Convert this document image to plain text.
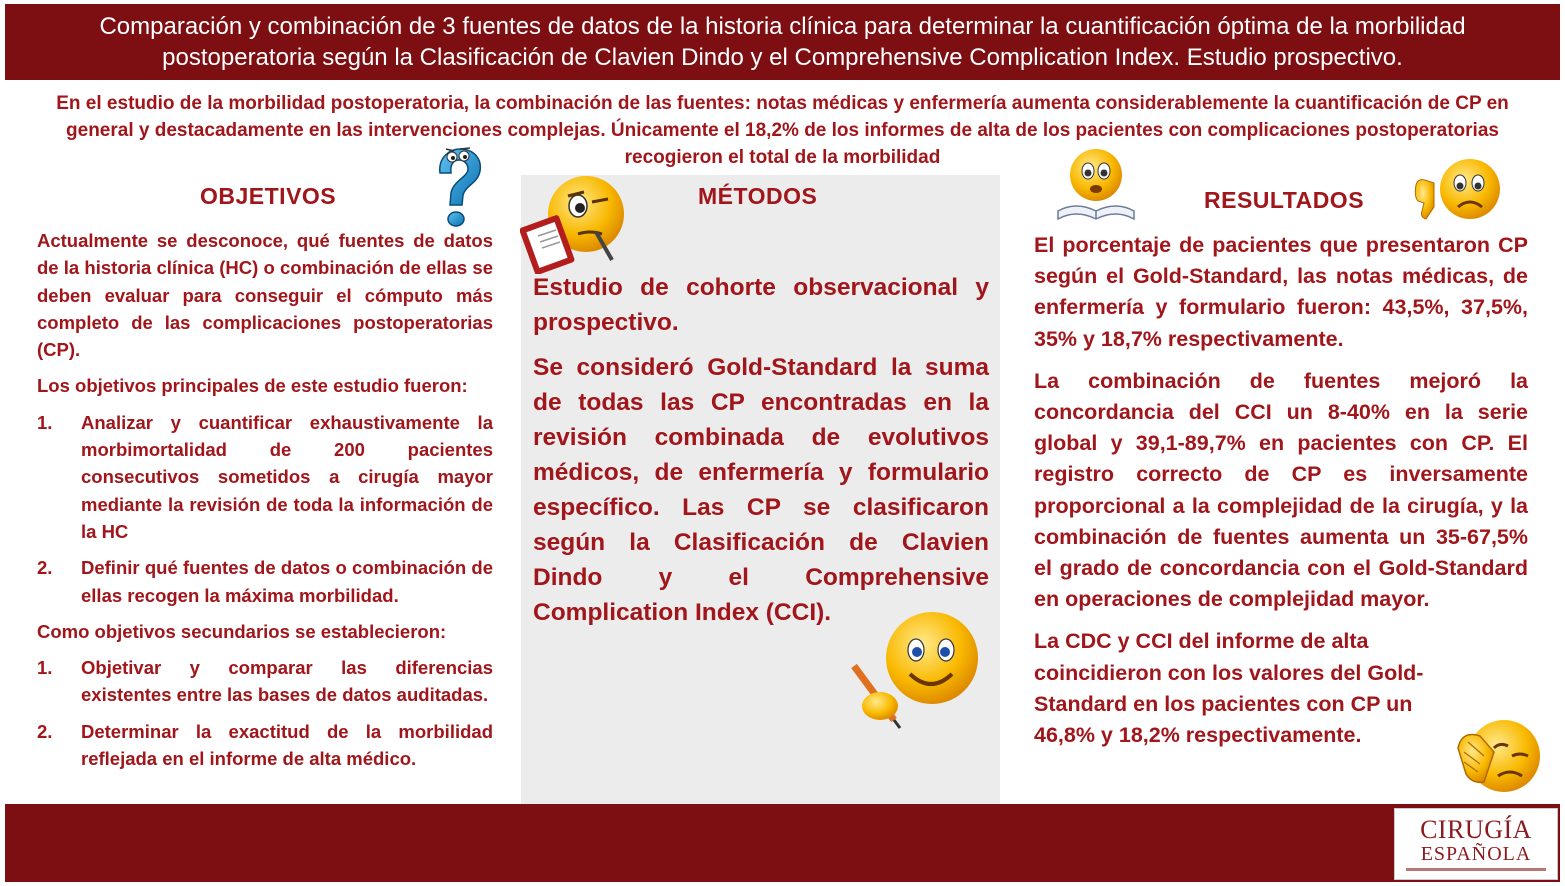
Comparación y combinación de 3 fuentes de datos de la historia clínica para determinar la cuantificación óptima de la morbilidad
postoperatoria según la Clasificación de Clavien Dindo y el Comprehensive Complication Index. Estudio prospectivo.
En el estudio de la morbilidad postoperatoria, la combinación de las fuentes: notas médicas y enfermería aumenta considerablemente la cuantificación de CP en
general y destacadamente en las intervenciones complejas. Únicamente el 18,2% de los informes de alta de los pacientes con complicaciones postoperatorias
recogieron el total de la morbilidad
OBJETIVOS

Actualmente se desconoce, qué fuentes de datos de la historia clínica (HC) o combinación de ellas se deben evaluar para conseguir el cómputo más completo de las complicaciones postoperatorias (CP).

Los objetivos principales de este estudio fueron:

1. Analizar y cuantificar exhaustivamente la morbimortalidad de 200 pacientes consecutivos sometidos a cirugía mayor mediante la revisión de toda la información de la HC
2. Definir qué fuentes de datos o combinación de ellas recogen la máxima morbilidad.

Como objetivos secundarios se establecieron:

1. Objetivar y comparar las diferencias existentes entre las bases de datos auditadas.
2. Determinar la exactitud de la morbilidad reflejada en el informe de alta médico.
MÉTODOS

Estudio de cohorte observacional y prospectivo.

Se consideró Gold-Standard la suma de todas las CP encontradas en la revisión combinada de evolutivos médicos, de enfermería y formulario específico. Las CP se clasificaron según la Clasificación de Clavien Dindo y el Comprehensive Complication Index (CCI).

RESULTADOS

El porcentaje de pacientes que presentaron CP según el Gold-Standard, las notas médicas, de enfermería y formulario fueron: 43,5%, 37,5%, 35% y 18,7% respectivamente.

La combinación de fuentes mejoró la concordancia del CCI un 8-40% en la serie global y 39,1-89,7% en pacientes con CP. El registro correcto de CP es inversamente proporcional a la complejidad de la cirugía, y la combinación de fuentes aumenta un 35-67,5% el grado de concordancia con el Gold-Standard en operaciones de complejidad mayor.

La CDC y CCI del informe de alta coincidieron con los valores del Gold-Standard en los pacientes con CP un 46,8% y 18,2% respectivamente.

CIRUGÍA
ESPAÑOLA
